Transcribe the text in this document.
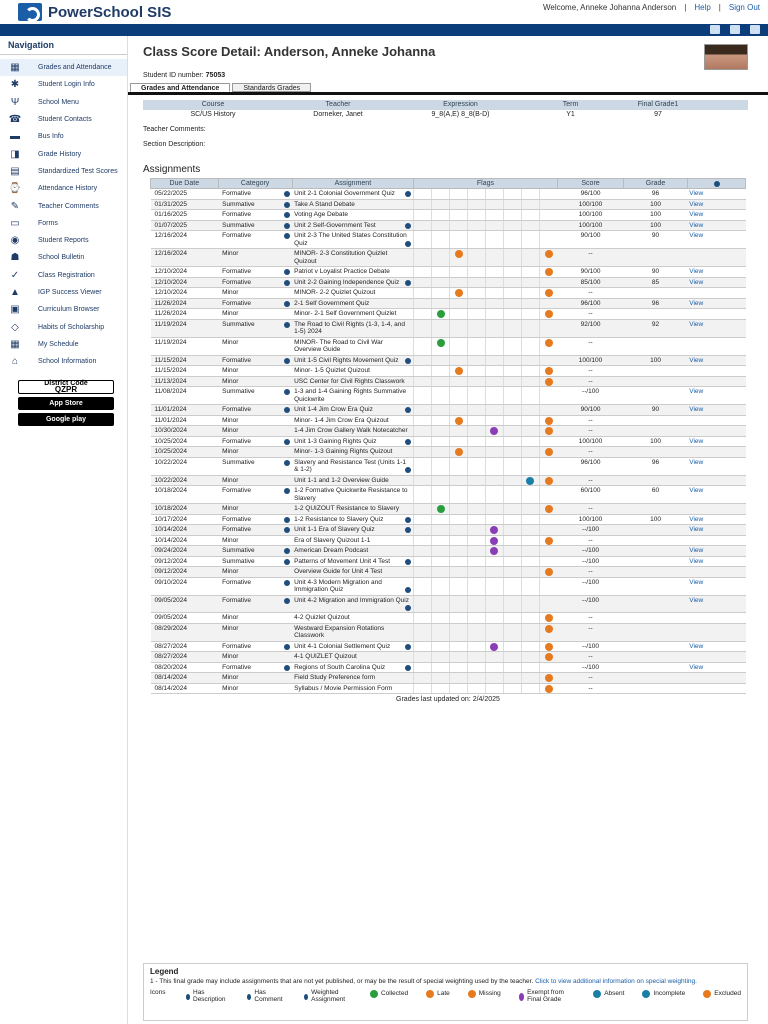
PowerSchool SIS	Welcome, Anneke Johanna Anderson | Help | Sign Out
Navigation
▦	Grades and Attendance
✱	Student Login Info
Ψ	School Menu
☎	Student Contacts
▬	Bus Info
◨	Grade History
▤	Standardized Test Scores
⌚	Attendance History
✎	Teacher Comments
▭	Forms
◉	Student Reports
☗	School Bulletin
✓	Class Registration
▲	IGP Success Viewer
▣	Curriculum Browser
◇	Habits of Scholarship
▦	My Schedule
⌂	School Information
District Code
QZPR
App Store
Google play
Class Score Detail: Anderson, Anneke Johanna
Student ID number: 75053
Grades and Attendance	Standards Grades
Course	Teacher	Expression	Term	Final Grade1
SC/US History	Dorneker, Janet	9_8(A,E) 8_8(B-D)	Y1	97
Teacher Comments:
Section Description:
Assignments
Due Date	Category	Assignment	Flags								Score	Grade	
05/22/2025	Formative	Unit 2-1 Colonial Government Quiz									96/100	96	View
01/31/2025	Summative	Take A Stand Debate									100/100	100	View
01/16/2025	Formative	Voting Age Debate									100/100	100	View
01/07/2025	Summative	Unit 2 Self-Government Test									100/100	100	View
12/16/2024	Formative	Unit 2-3 The United States Constitution Quiz									90/100	90	View
12/16/2024	Minor	MINOR- 2-3 Constitution Quizlet Quizout									--		
12/10/2024	Formative	Patriot v Loyalist Practice Debate									90/100	90	View
12/10/2024	Formative	Unit 2-2 Gaining Independence Quiz									85/100	85	View
12/10/2024	Minor	MINOR- 2-2 Quizlet Quizout									--		
11/26/2024	Formative	2-1 Self Government Quiz									96/100	96	View
11/26/2024	Minor	Minor- 2-1 Self Government Quizlet									--		
11/19/2024	Summative	The Road to Civil Rights (1-3, 1-4, and 1-5) 2024									92/100	92	View
11/19/2024	Minor	MINOR- The Road to Civil War Overview Guide									--		
11/15/2024	Formative	Unit 1-5 Civil Rights Movement Quiz									100/100	100	View
11/15/2024	Minor	Minor- 1-5 Quizlet Quizout									--		
11/13/2024	Minor	USC Center for Civil Rights Classwork									--		
11/08/2024	Summative	1-3 and 1-4 Gaining Rights Summative Quickwrite									--/100		View
11/01/2024	Formative	Unit 1-4 Jim Crow Era Quiz									90/100	90	View
11/01/2024	Minor	Minor- 1-4 Jim Crow Era Quizout									--		
10/30/2024	Minor	1-4 Jim Crow Gallery Walk Notecatcher									--		
10/25/2024	Formative	Unit 1-3 Gaining Rights Quiz									100/100	100	View
10/25/2024	Minor	Minor- 1-3 Gaining Rights Quizout									--		
10/22/2024	Summative	Slavery and Resistance Test (Units 1-1 & 1-2)									96/100	96	View
10/22/2024	Minor	Unit 1-1 and 1-2 Overview Guide									--		
10/18/2024	Formative	1-2 Formative Quickwrite Resistance to Slavery									60/100	60	View
10/18/2024	Minor	1-2 QUIZOUT Resistance to Slavery									--		
10/17/2024	Formative	1-2 Resistance to Slavery Quiz									100/100	100	View
10/14/2024	Formative	Unit 1-1 Era of Slavery Quiz									--/100		View
10/14/2024	Minor	Era of Slavery Quizout 1-1									--		
09/24/2024	Summative	American Dream Podcast									--/100		View
09/12/2024	Summative	Patterns of Movement Unit 4 Test									--/100		View
09/12/2024	Minor	Overview Guide for Unit 4 Test									--		
09/10/2024	Formative	Unit 4-3 Modern Migration and Immigration Quiz									--/100		View
09/05/2024	Formative	Unit 4-2 Migration and Immigration Quiz									--/100		View
09/05/2024	Minor	4-2 Quizlet Quizout									--		
08/29/2024	Minor	Westward Expansion Rotations Classwork									--		
08/27/2024	Formative	Unit 4-1 Colonial Settlement Quiz									--/100		View
08/27/2024	Minor	4-1 QUIZLET Quizout									--		
08/20/2024	Formative	Regions of South Carolina Quiz									--/100		View
08/14/2024	Minor	Field Study Preference form									--		
08/14/2024	Minor	Syllabus / Movie Permission Form									--		
Grades last updated on: 2/4/2025
Legend
1 - This final grade may include assignments that are not yet published, or may be the result of special weighting used by the teacher. Click to view additional information on special weighting.
Icons	Has Description
Has Comment
Weighted Assignment
Collected	Late	Missing	Exempt from Final Grade
Absent	Incomplete	Excluded
